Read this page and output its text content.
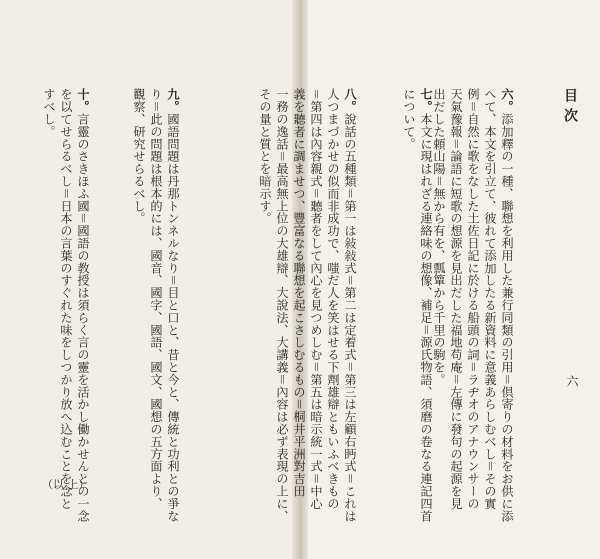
目次
六
六。添加釋の一種、聯想を利用した兼行同類の引用＝倶寄りの材料をお供に添
へて、本文を引立て、彼れて添加したる新資料に意義あらしむべし＝その實
例＝自然に歌をなした土佐日記に於ける船頭の詞＝ラヂオのアナウンサーの
天氣豫報＝論語に短歌の想源を見出だした福地苟庵＝左傳に發句の起源を見
出だした頼山陽＝無から有を、瓢簞から千里の駒を。
七。本文に現はれざる連絡味の想像、補足＝源氏物語、須磨の卷なる連記四首
について。
八。說話の五種類＝第一は敍敍式＝第二は定着式＝第三は左顧右眄式＝これは
人つまづかせの似而非成功で、嗤だ人を笑はせる下劑雄辯ともいふべきもの
＝第四は內容親式＝聽者をして內心を見つめしむ＝第五は暗示統一式＝中心
義を聽者に調ませつ、豐富なる聯想を起こさしむるもの＝桐井平洲對吉田
一務の逸話＝最高無上位の大雄辯、大說法、大講義＝內容は必ず表現の上に、
その量と質とを暗示す。
九。國語問題は丹那トンネルなり＝目と口と、昔と今と、傳統と功利との爭な
り＝此の問題は根本的には、國音、國字、國語、國文、國想の五方面より、
觀察、研究せらるべし。
十。言靈のさきほふ國＝國語の教授は須らく言の靈を活かし働かせんとの一念
を以てせらるべし＝日本の言葉のすぐれた味をしつかり放へ込むことを念と
すべし。
（以 上）
